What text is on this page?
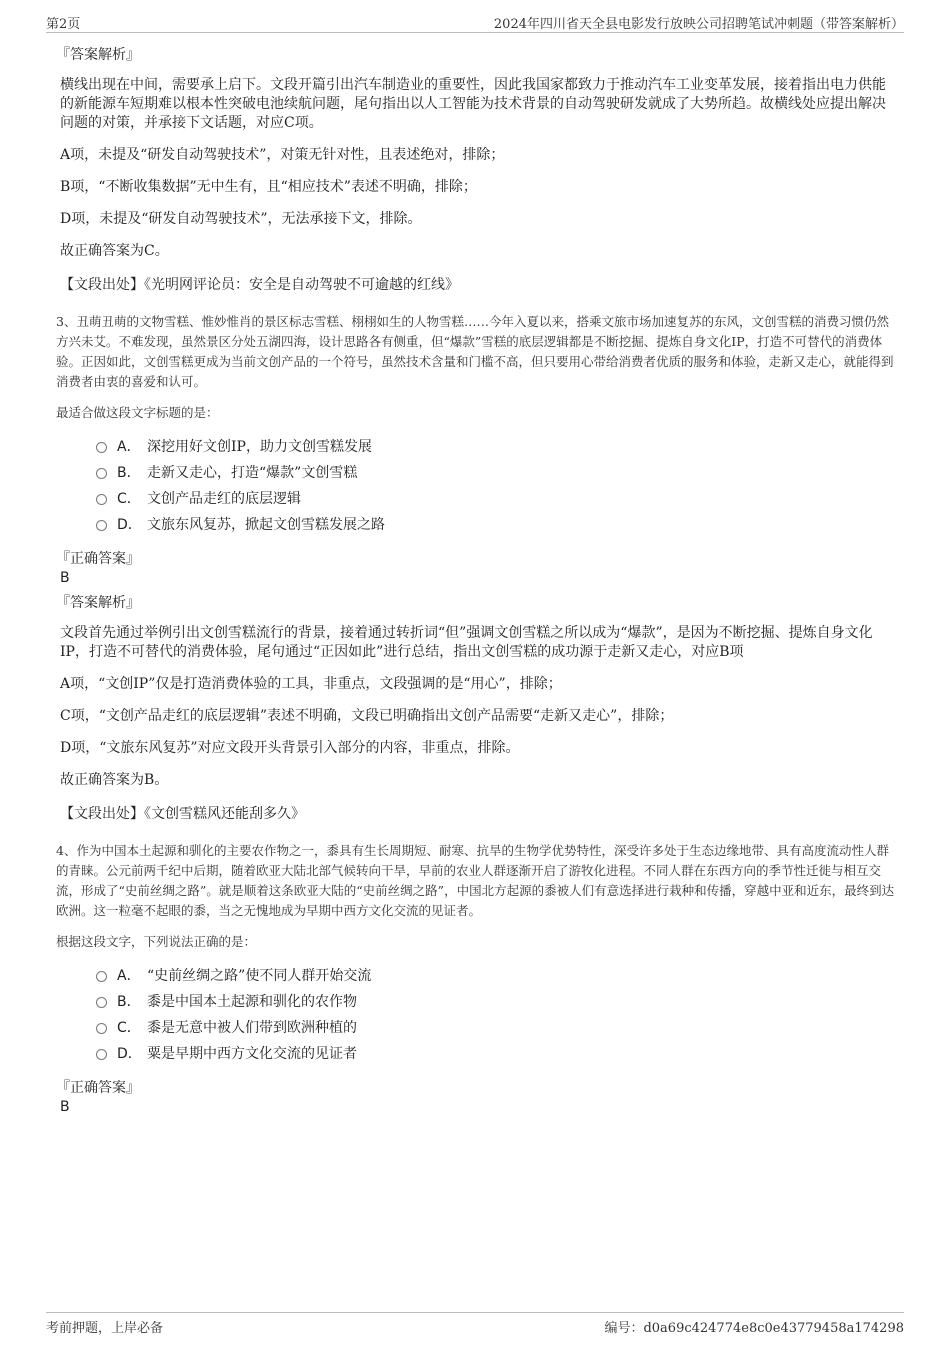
第2页	2024年四川省天全县电影发行放映公司招聘笔试冲刺题（带答案解析）
『答案解析』

横线出现在中间，需要承上启下。文段开篇引出汽车制造业的重要性，因此我国家都致力于推动汽车工业变革发展，接着指出电力供能的新能源车短期难以根本性突破电池续航问题，尾句指出以人工智能为技术背景的自动驾驶研发就成了大势所趋。故横线处应提出解决问题的对策，并承接下文话题，对应C项。

A项，未提及“研发自动驾驶技术”，对策无针对性，且表述绝对，排除；

B项，“不断收集数据”无中生有，且“相应技术”表述不明确，排除；

D项，未提及“研发自动驾驶技术”，无法承接下文，排除。

故正确答案为C。

【文段出处】《光明网评论员：安全是自动驾驶不可逾越的红线》

3、丑萌丑萌的文物雪糕、惟妙惟肖的景区标志雪糕、栩栩如生的人物雪糕……今年入夏以来，搭乘文旅市场加速复苏的东风，文创雪糕的消费习惯仍然方兴未艾。不难发现，虽然景区分处五湖四海，设计思路各有侧重，但“爆款”雪糕的底层逻辑都是不断挖掘、提炼自身文化IP，打造不可替代的消费体验。正因如此，文创雪糕更成为当前文创产品的一个符号，虽然技术含量和门槛不高，但只要用心带给消费者优质的服务和体验，走新又走心，就能得到消费者由衷的喜爱和认可。

最适合做这段文字标题的是：

A． 深挖用好文创IP，助力文创雪糕发展
B． 走新又走心，打造“爆款”文创雪糕
C． 文创产品走红的底层逻辑
D． 文旅东风复苏，掀起文创雪糕发展之路
『正确答案』
B
『答案解析』

文段首先通过举例引出文创雪糕流行的背景，接着通过转折词“但”强调文创雪糕之所以成为“爆款”，是因为不断挖掘、提炼自身文化IP，打造不可替代的消费体验，尾句通过“正因如此”进行总结，指出文创雪糕的成功源于走新又走心，对应B项

A项，“文创IP”仅是打造消费体验的工具，非重点，文段强调的是“用心”，排除；

C项，“文创产品走红的底层逻辑”表述不明确，文段已明确指出文创产品需要“走新又走心”，排除；

D项，“文旅东风复苏”对应文段开头背景引入部分的内容，非重点，排除。

故正确答案为B。

【文段出处】《文创雪糕风还能刮多久》

4、作为中国本土起源和驯化的主要农作物之一，黍具有生长周期短、耐寒、抗旱的生物学优势特性，深受许多处于生态边缘地带、具有高度流动性人群的青睐。公元前两千纪中后期，随着欧亚大陆北部气候转向干旱，早前的农业人群逐渐开启了游牧化进程。不同人群在东西方向的季节性迁徙与相互交流，形成了“史前丝绸之路”。就是顺着这条欧亚大陆的“史前丝绸之路”，中国北方起源的黍被人们有意选择进行栽种和传播，穿越中亚和近东，最终到达欧洲。这一粒毫不起眼的黍，当之无愧地成为早期中西方文化交流的见证者。

根据这段文字，下列说法正确的是：

A． “史前丝绸之路”使不同人群开始交流
B． 黍是中国本土起源和驯化的农作物
C． 黍是无意中被人们带到欧洲种植的
D． 粟是早期中西方文化交流的见证者
『正确答案』
B
考前押题，上岸必备	编号：d0a69c424774e8c0e43779458a174298
